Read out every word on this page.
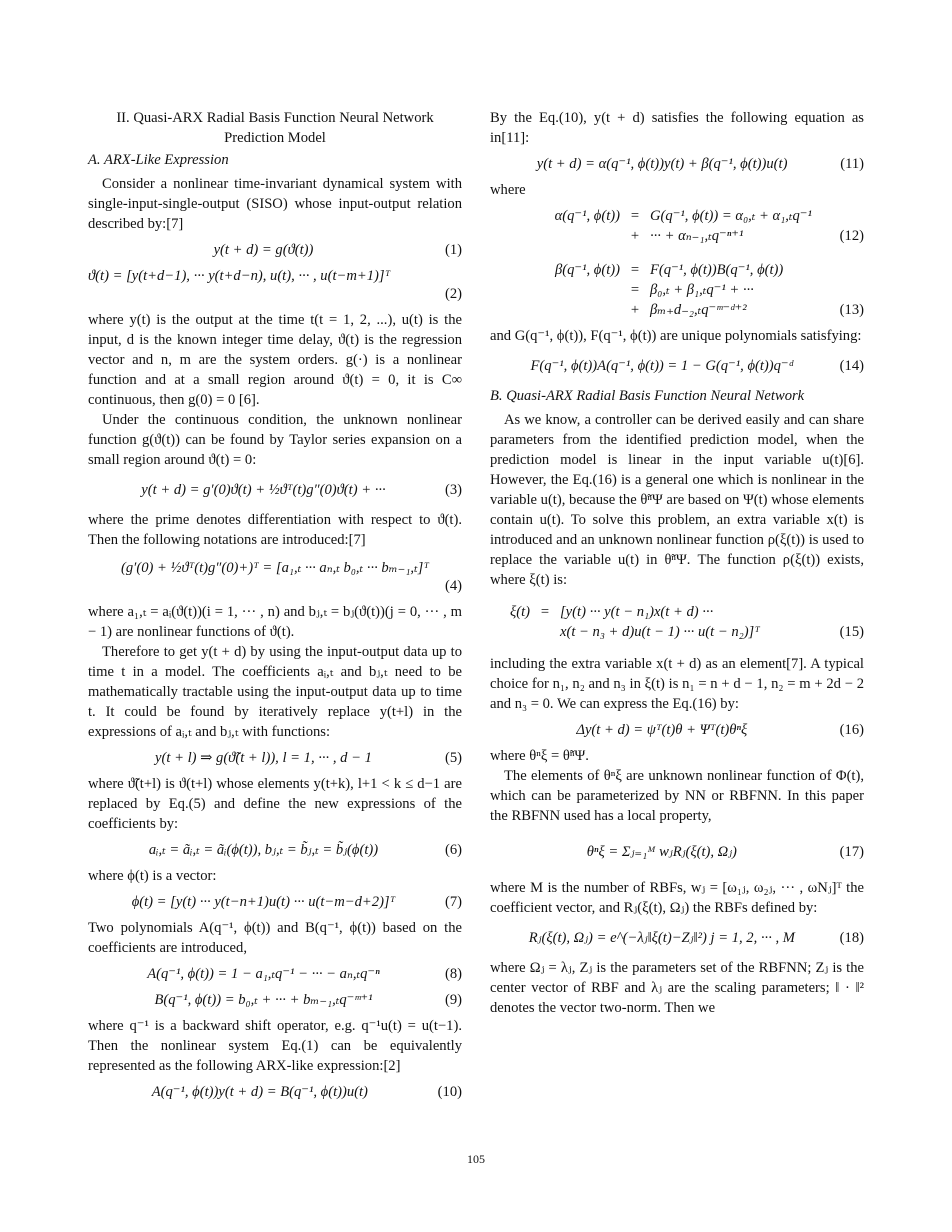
II. Quasi-ARX Radial Basis Function Neural Network Prediction Model
A. ARX-Like Expression

Consider a nonlinear time-invariant dynamical system with single-input-single-output (SISO) whose input-output relation described by:[7]

y(t + d) = g(ϑ(t))	(1)
ϑ(t) = [y(t+d−1), ··· y(t+d−n), u(t), ··· , u(t−m+1)]ᵀ
(2)

where y(t) is the output at the time t(t = 1, 2, ...), u(t) is the input, d is the known integer time delay, ϑ(t) is the regression vector and n, m are the system orders. g(·) is a nonlinear function and at a small region around ϑ(t) = 0, it is C∞ continuous, then g(0) = 0 [6].

Under the continuous condition, the unknown nonlinear function g(ϑ(t)) can be found by Taylor series expansion on a small region around ϑ(t) = 0:

y(t + d) = g′(0)ϑ(t) + ½ϑᵀ(t)g″(0)ϑ(t) + ···	(3)

where the prime denotes differentiation with respect to ϑ(t). Then the following notations are introduced:[7]

(g′(0) + ½ϑᵀ(t)g″(0)+)ᵀ = [a₁,ₜ ··· aₙ,ₜ b₀,ₜ ··· bₘ₋₁,ₜ]ᵀ
(4)

where a₁,ₜ = aᵢ(ϑ(t))(i = 1, ··· , n) and bⱼ,ₜ = bⱼ(ϑ(t))(j = 0, ··· , m − 1) are nonlinear functions of ϑ(t).

Therefore to get y(t + d) by using the input-output data up to time t in a model. The coefficients aᵢ,ₜ and bⱼ,ₜ need to be mathematically tractable using the input-output data up to time t. It could be found by iteratively replace y(t+l) in the expressions of aᵢ,ₜ and bⱼ,ₜ with functions:

y(t + l) ⇒ g(ϑ̃(t + l)), l = 1, ··· , d − 1	(5)

where ϑ̃(t+l) is ϑ(t+l) whose elements y(t+k), l+1 < k ≤ d−1 are replaced by Eq.(5) and define the new expressions of the coefficients by:

aᵢ,ₜ = ãᵢ,ₜ = ãᵢ(ϕ(t)), bⱼ,ₜ = b̃ⱼ,ₜ = b̃ⱼ(ϕ(t))	(6)

where ϕ(t) is a vector:

ϕ(t) = [y(t) ··· y(t−n+1)u(t) ··· u(t−m−d+2)]ᵀ	(7)

Two polynomials A(q⁻¹, ϕ(t)) and B(q⁻¹, ϕ(t)) based on the coefficients are introduced,

A(q⁻¹, ϕ(t)) = 1 − a₁,ₜq⁻¹ − ··· − aₙ,ₜq⁻ⁿ	(8)
B(q⁻¹, ϕ(t)) = b₀,ₜ + ··· + bₘ₋₁,ₜq⁻ᵐ⁺¹	(9)

where q⁻¹ is a backward shift operator, e.g. q⁻¹u(t) = u(t−1). Then the nonlinear system Eq.(1) can be equivalently represented as the following ARX-like expression:[2]

A(q⁻¹, ϕ(t))y(t + d) = B(q⁻¹, ϕ(t))u(t)	(10)

By the Eq.(10), y(t + d) satisfies the following equation as in[11]:

y(t + d) = α(q⁻¹, ϕ(t))y(t) + β(q⁻¹, ϕ(t))u(t)	(11)

where

α(q⁻¹, ϕ(t)) = G(q⁻¹, ϕ(t)) = α₀,ₜ + α₁,ₜq⁻¹
+ ··· + αₙ₋₁,ₜq⁻ⁿ⁺¹	(12)
β(q⁻¹, ϕ(t)) = F(q⁻¹, ϕ(t))B(q⁻¹, ϕ(t))
= β₀,ₜ + β₁,ₜq⁻¹ + ···
+ βₘ₊d₋₂,ₜq⁻ᵐ⁻ᵈ⁺²	(13)

and G(q⁻¹, ϕ(t)), F(q⁻¹, ϕ(t)) are unique polynomials satisfying:

F(q⁻¹, ϕ(t))A(q⁻¹, ϕ(t)) = 1 − G(q⁻¹, ϕ(t))q⁻ᵈ	(14)
B. Quasi-ARX Radial Basis Function Neural Network

As we know, a controller can be derived easily and can share parameters from the identified prediction model, when the prediction model is linear in the input variable u(t)[6]. However, the Eq.(16) is a general one which is nonlinear in the variable u(t), because the θ̃ⁿΨ are based on Ψ(t) whose elements contain u(t). To solve this problem, an extra variable x(t) is introduced and an unknown nonlinear function ρ(ξ(t)) is used to replace the variable u(t) in θ̃ⁿΨ. The function ρ(ξ(t)) exists, where ξ(t) is:

ξ(t) = [y(t) ··· y(t − n₁)x(t + d) ···
x(t − n₃ + d)u(t − 1) ··· u(t − n₂)]ᵀ	(15)

including the extra variable x(t + d) as an element[7]. A typical choice for n₁, n₂ and n₃ in ξ(t) is n₁ = n + d − 1, n₂ = m + 2d − 2 and n₃ = 0. We can express the Eq.(16) by:

Δy(t + d) = ψᵀ(t)θ + Ψᵀ(t)θⁿξ	(16)

where θⁿξ = θ̃ⁿΨ.

The elements of θⁿξ are unknown nonlinear function of Φ(t), which can be parameterized by NN or RBFNN. In this paper the RBFNN used has a local property,

θⁿξ = Σⱼ₌₁ᴹ wⱼRⱼ(ξ(t), Ωⱼ)	(17)

where M is the number of RBFs, wⱼ = [ω₁ⱼ, ω₂ⱼ, ··· , ωNⱼ]ᵀ the coefficient vector, and Rⱼ(ξ(t), Ωⱼ) the RBFs defined by:

Rⱼ(ξ(t), Ωⱼ) = e^(−λⱼ‖ξ(t)−Zⱼ‖²) j = 1, 2, ··· , M	(18)

where Ωⱼ = λⱼ, Zⱼ is the parameters set of the RBFNN; Zⱼ is the center vector of RBF and λⱼ are the scaling parameters; ‖ · ‖² denotes the vector two-norm. Then we

105
